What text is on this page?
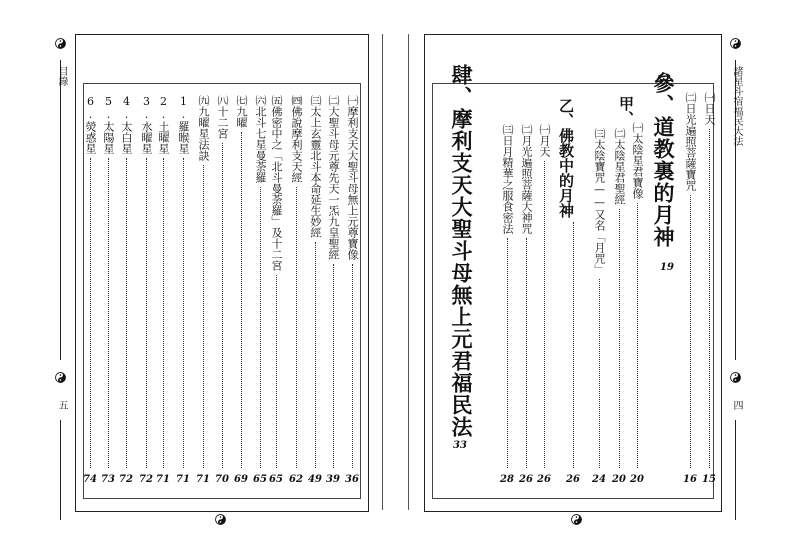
目錄
五
諸星斗宿福民大法
四
㈠摩利支天大聖斗母無上元尊寶像
36
㈡大聖斗母元尊先天一炁九皇聖經
39
㈢太上玄靈北斗本命延生妙經
49
㈣佛說摩利支天經
62
㈤佛密中之「北斗曼荼羅」及十二宮
65
㈥北斗七星曼荼羅
65
㈦九曜
69
㈧十二宮
70
㈨九曜星法訣
71
1.羅睺星
71
2.土曜星
71
3.水曜星
72
4.太白星
72
5.太陽星
73
6.熒惑星
74
㈠日天
15
㈡日光遍照菩薩寶咒
16
㈠太陰星君寶像
20
㈡太陰星君聖經
20
㈢太陰寶咒——又名「月咒」
24
㈠月天
26
㈡月光遍照菩薩大神咒
26
㈢日月精華之服食密法
28	26
參、道教裏的月神
19
甲、
乙、佛教中的月神
肆、摩利支天大聖斗母無上元君福民法
33
